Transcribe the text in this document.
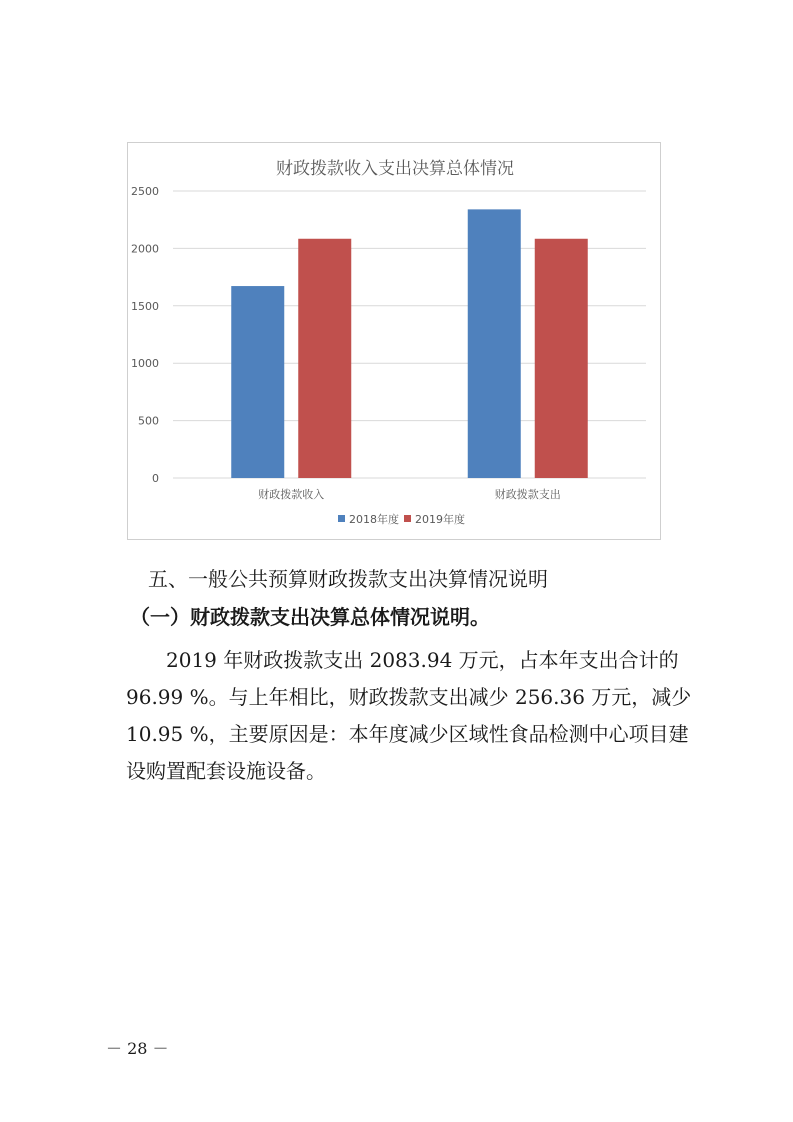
财政拨款收入支出决算总体情况
0
500
1000
1500
2000
2500
财政拨款收入	财政拨款支出
2018年度 2019年度
五、一般公共预算财政拨款支出决算情况说明
（一）财政拨款支出决算总体情况说明。
　　2019 年财政拨款支出 2083.94 万元，占本年支出合计的
96.99 %。与上年相比，财政拨款支出减少 256.36 万元，减少
10.95 %，主要原因是：本年度减少区域性食品检测中心项目建
设购置配套设施设备。
－ 28 －
